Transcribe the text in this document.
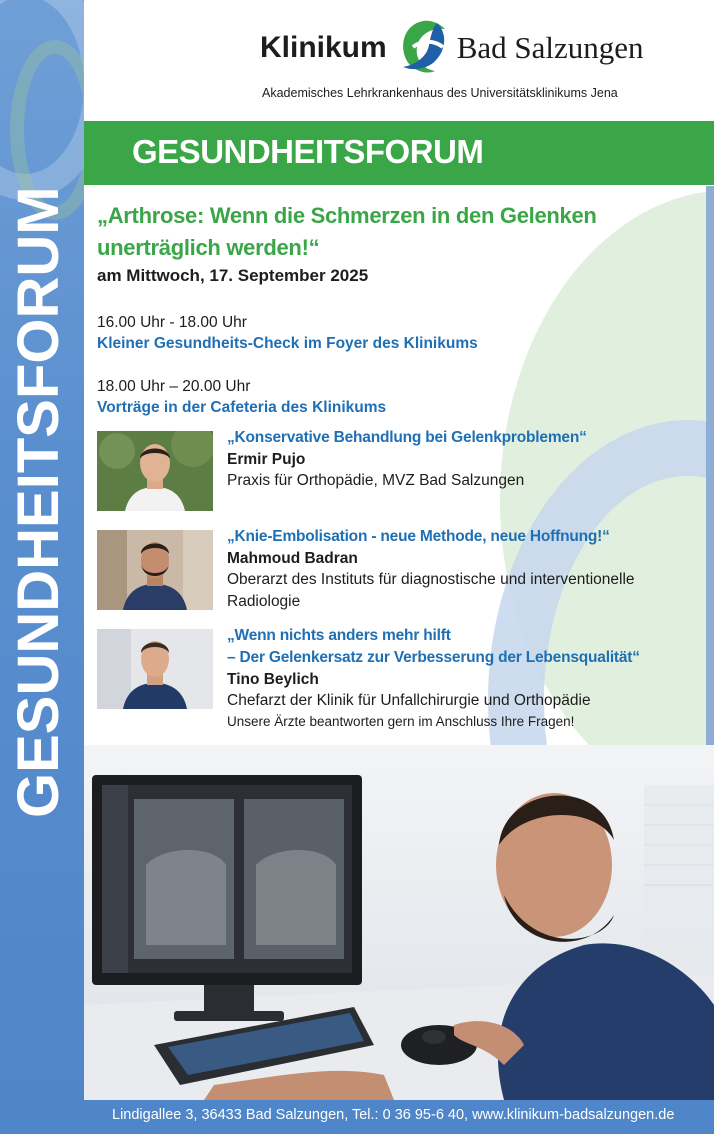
GESUNDHEITSFORUM
Klinikum Bad Salzungen
Akademisches Lehrkrankenhaus des Universitätsklinikums Jena
GESUNDHEITSFORUM
„Arthrose: Wenn die Schmerzen in den Gelenken
unerträglich werden!“
am Mittwoch, 17. September 2025
16.00 Uhr - 18.00 Uhr
Kleiner Gesundheits-Check im Foyer des Klinikums
18.00 Uhr – 20.00 Uhr
Vorträge in der Cafeteria des Klinikums
„Konservative Behandlung bei Gelenkproblemen“
Ermir Pujo
Praxis für Orthopädie, MVZ Bad Salzungen
„Knie-Embolisation - neue Methode, neue Hoffnung!“
Mahmoud Badran
Oberarzt des Instituts für diagnostische und interventionelle
Radiologie
„Wenn nichts anders mehr hilft
– Der Gelenkersatz zur Verbesserung der Lebensqualität“
Tino Beylich
Chefarzt der Klinik für Unfallchirurgie und Orthopädie
Unsere Ärzte beantworten gern im Anschluss Ihre Fragen!
Lindigallee 3, 36433 Bad Salzungen, Tel.: 0 36 95-6 40, www.klinikum-badsalzungen.de
